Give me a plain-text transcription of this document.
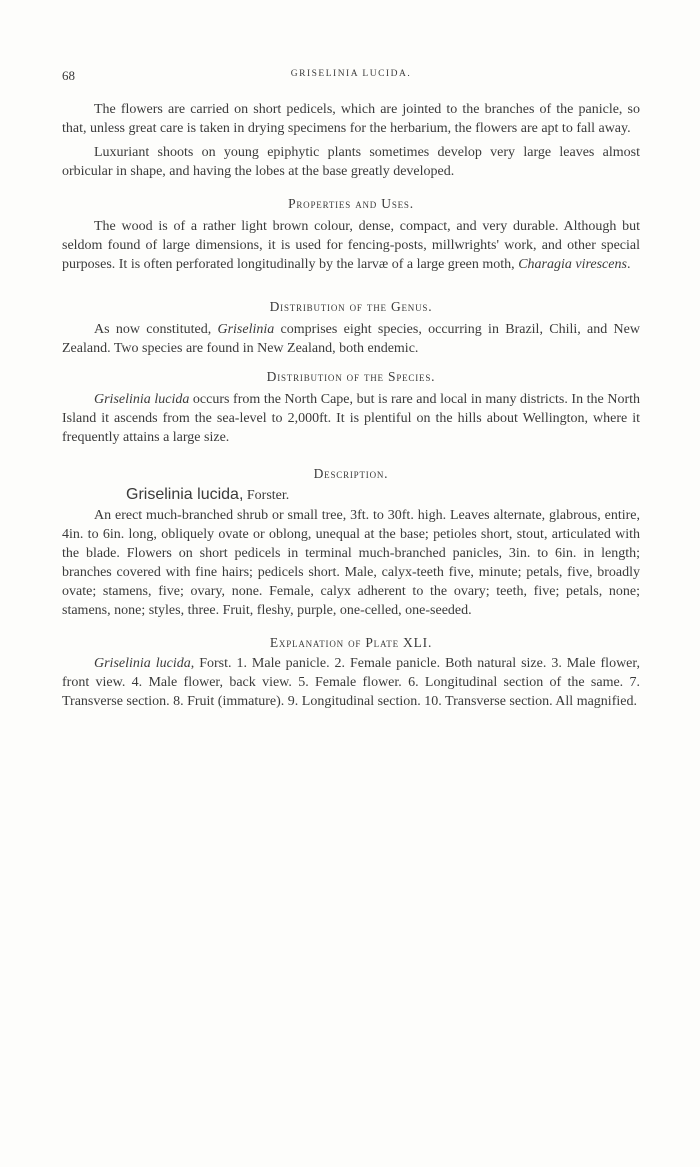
68	GRISELINIA LUCIDA.

The flowers are carried on short pedicels, which are jointed to the branches of the panicle, so that, unless great care is taken in drying specimens for the herbarium, the flowers are apt to fall away.

Luxuriant shoots on young epiphytic plants sometimes develop very large leaves almost orbicular in shape, and having the lobes at the base greatly developed.

Properties and Uses.

The wood is of a rather light brown colour, dense, compact, and very durable. Although but seldom found of large dimensions, it is used for fencing-posts, millwrights' work, and other special purposes. It is often perforated longitudinally by the larvæ of a large green moth, Charagia virescens.

Distribution of the Genus.

As now constituted, Griselinia comprises eight species, occurring in Brazil, Chili, and New Zealand. Two species are found in New Zealand, both endemic.

Distribution of the Species.

Griselinia lucida occurs from the North Cape, but is rare and local in many districts. In the North Island it ascends from the sea-level to 2,000ft. It is plentiful on the hills about Wellington, where it frequently attains a large size.

Description.
Griselinia lucida, Forster.

An erect much-branched shrub or small tree, 3ft. to 30ft. high. Leaves alternate, glabrous, entire, 4in. to 6in. long, obliquely ovate or oblong, unequal at the base; petioles short, stout, articulated with the blade. Flowers on short pedicels in terminal much-branched panicles, 3in. to 6in. in length; branches covered with fine hairs; pedicels short. Male, calyx-teeth five, minute; petals, five, broadly ovate; stamens, five; ovary, none. Female, calyx adherent to the ovary; teeth, five; petals, none; stamens, none; styles, three. Fruit, fleshy, purple, one-celled, one-seeded.

Explanation of Plate XLI.

Griselinia lucida, Forst. 1. Male panicle. 2. Female panicle. Both natural size. 3. Male flower, front view. 4. Male flower, back view. 5. Female flower. 6. Longitudinal section of the same. 7. Transverse section. 8. Fruit (immature). 9. Longitudinal section. 10. Transverse section. All magnified.
